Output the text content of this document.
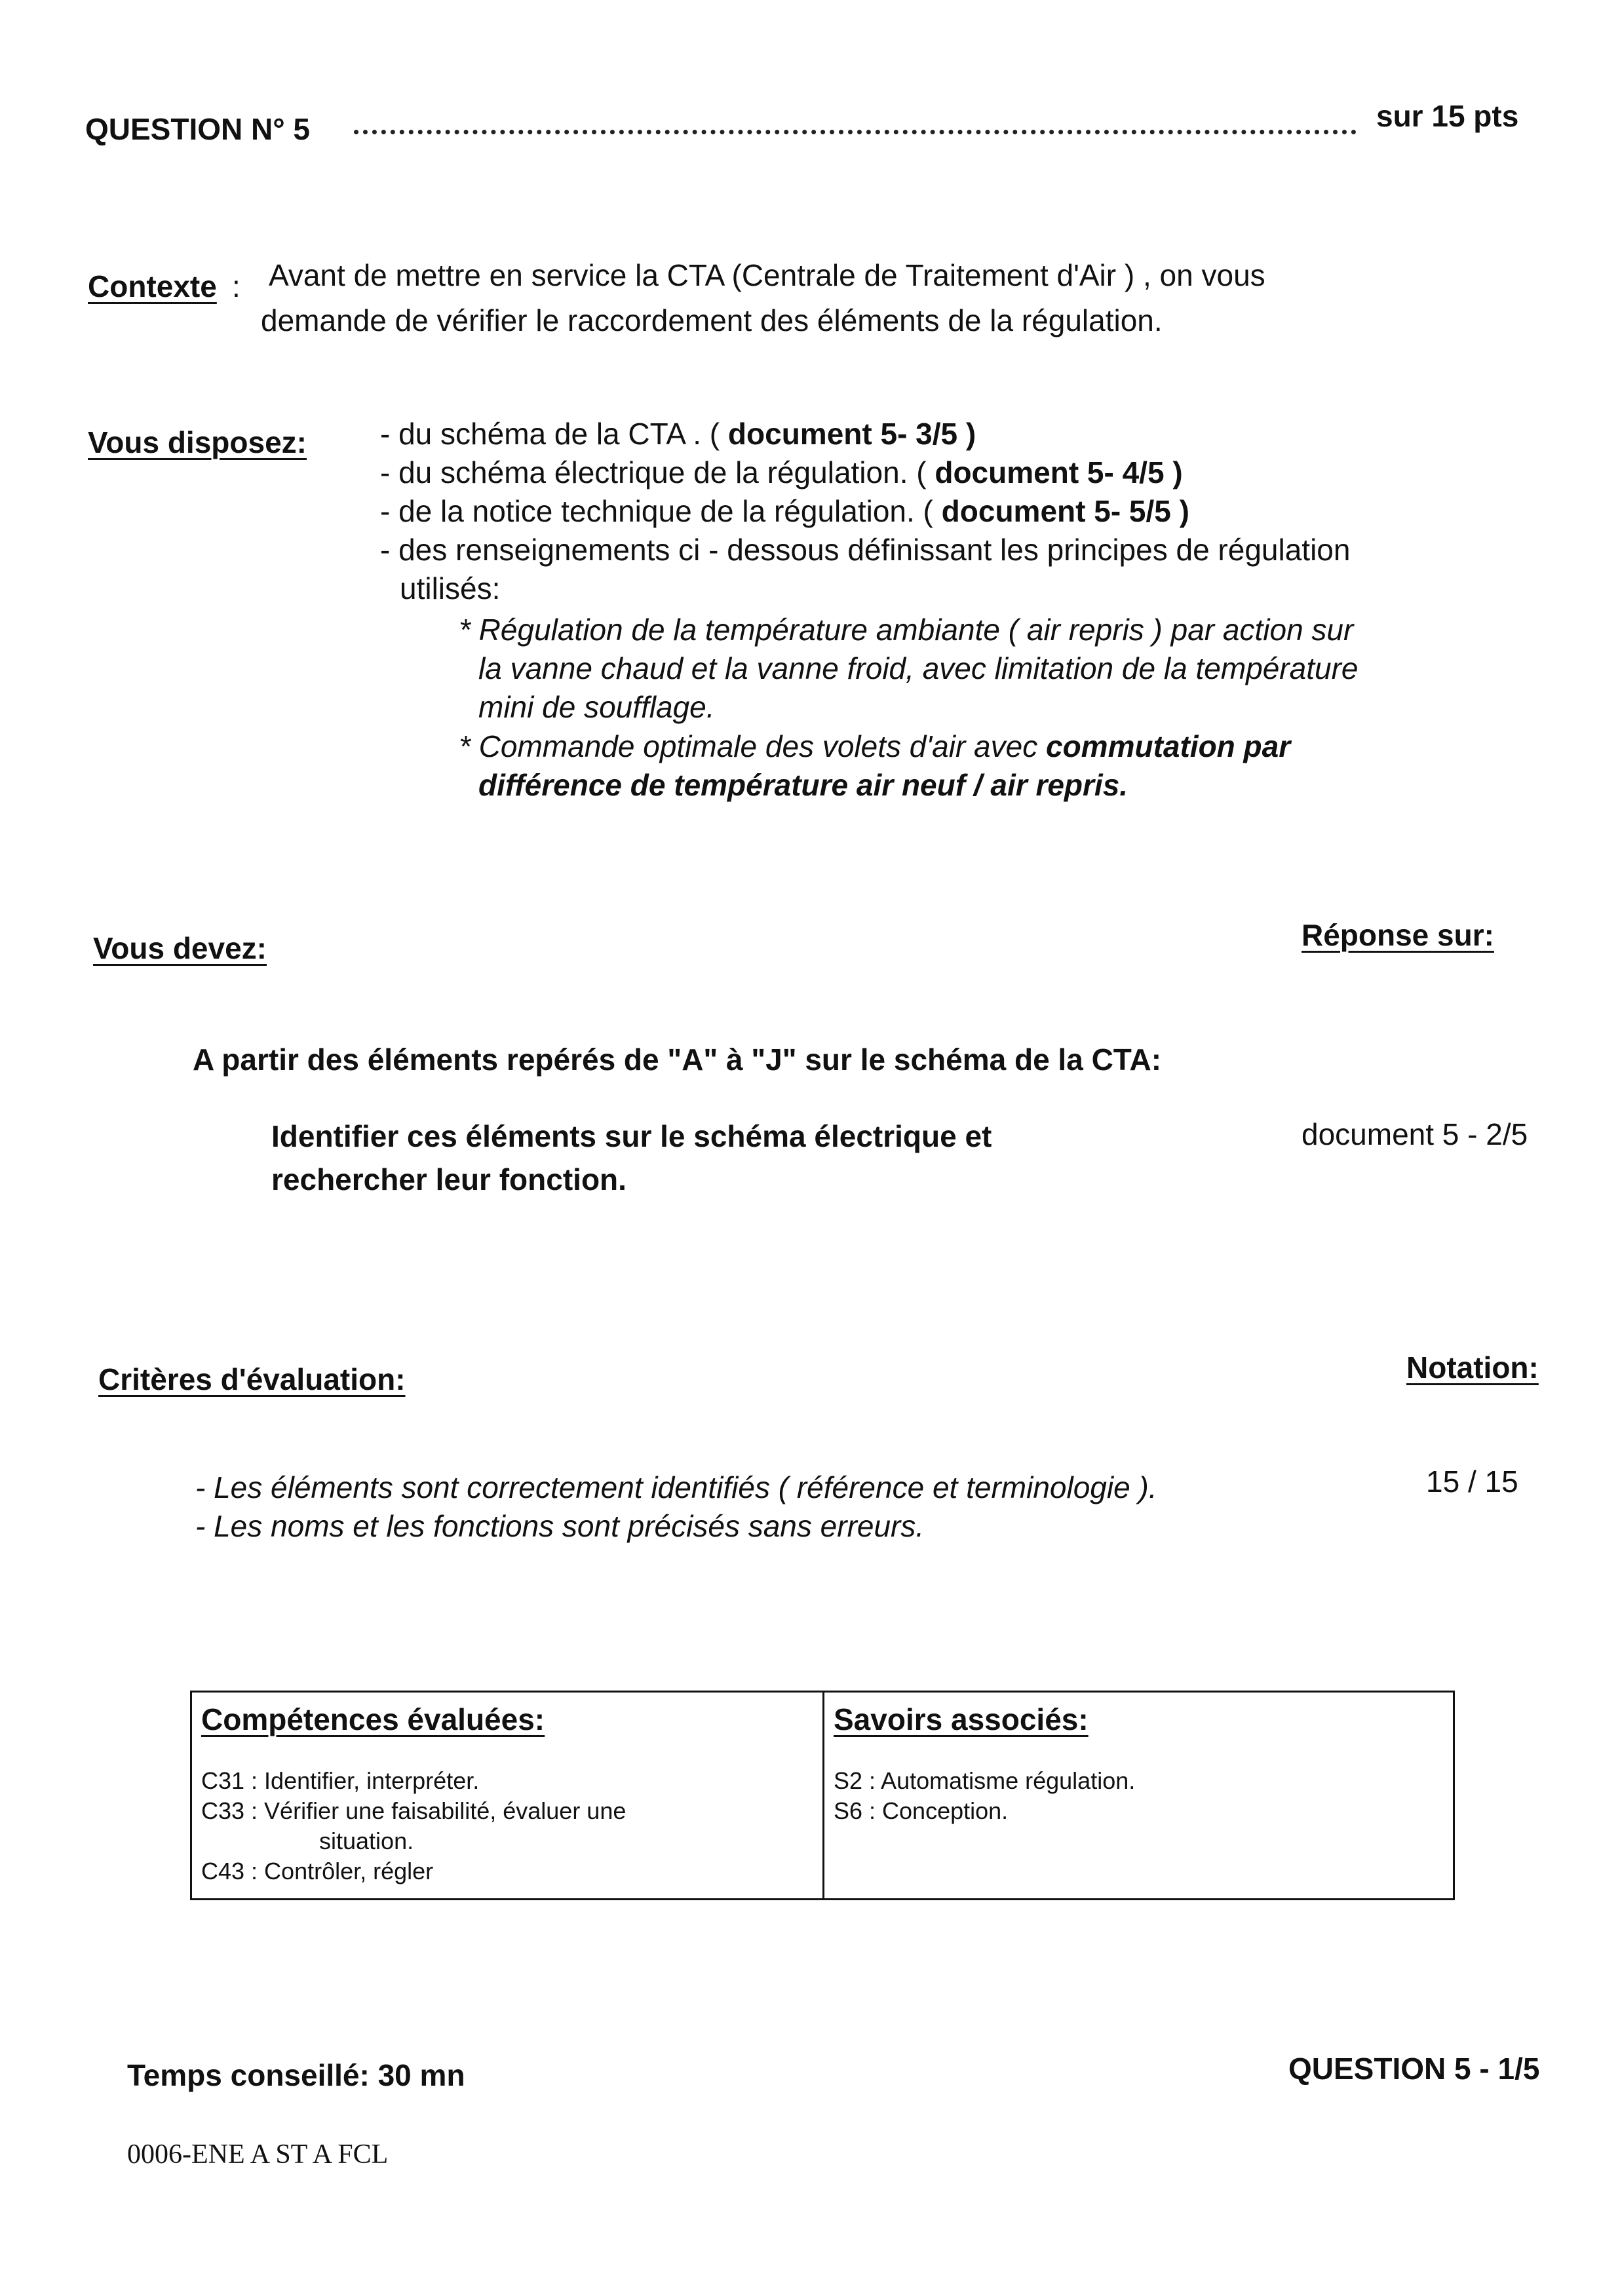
QUESTION N° 5	sur 15 pts
Contexte : Avant de mettre en service la CTA (Centrale de Traitement d'Air ) , on vous
demande de vérifier le raccordement des éléments de la régulation.
Vous disposez: - du schéma de la CTA . ( document 5- 3/5 )
- du schéma électrique de la régulation. ( document 5- 4/5 )
- de la notice technique de la régulation. ( document 5- 5/5 )
- des renseignements ci - dessous définissant les principes de régulation
utilisés:
* Régulation de la température ambiante ( air repris ) par action sur
la vanne chaud et la vanne froid, avec limitation de la température
mini de soufflage.
* Commande optimale des volets d'air avec commutation par
différence de température air neuf / air repris.
Vous devez:	Réponse sur:
A partir des éléments repérés de "A" à "J" sur le schéma de la CTA:
Identifier ces éléments sur le schéma électrique et
rechercher leur fonction.
document 5 - 2/5
Critères d'évaluation:	Notation:
- Les éléments sont correctement identifiés ( référence et terminologie ).
- Les noms et les fonctions sont précisés sans erreurs.
15 / 15
Compétences évaluées:
C31 : Identifier, interpréter.
C33 : Vérifier une faisabilité, évaluer une
situation.
C43 : Contrôler, régler
Savoirs associés:
S2 : Automatisme régulation.
S6 : Conception.
Temps conseillé: 30 mn	QUESTION 5 - 1/5
0006-ENE A ST A FCL
